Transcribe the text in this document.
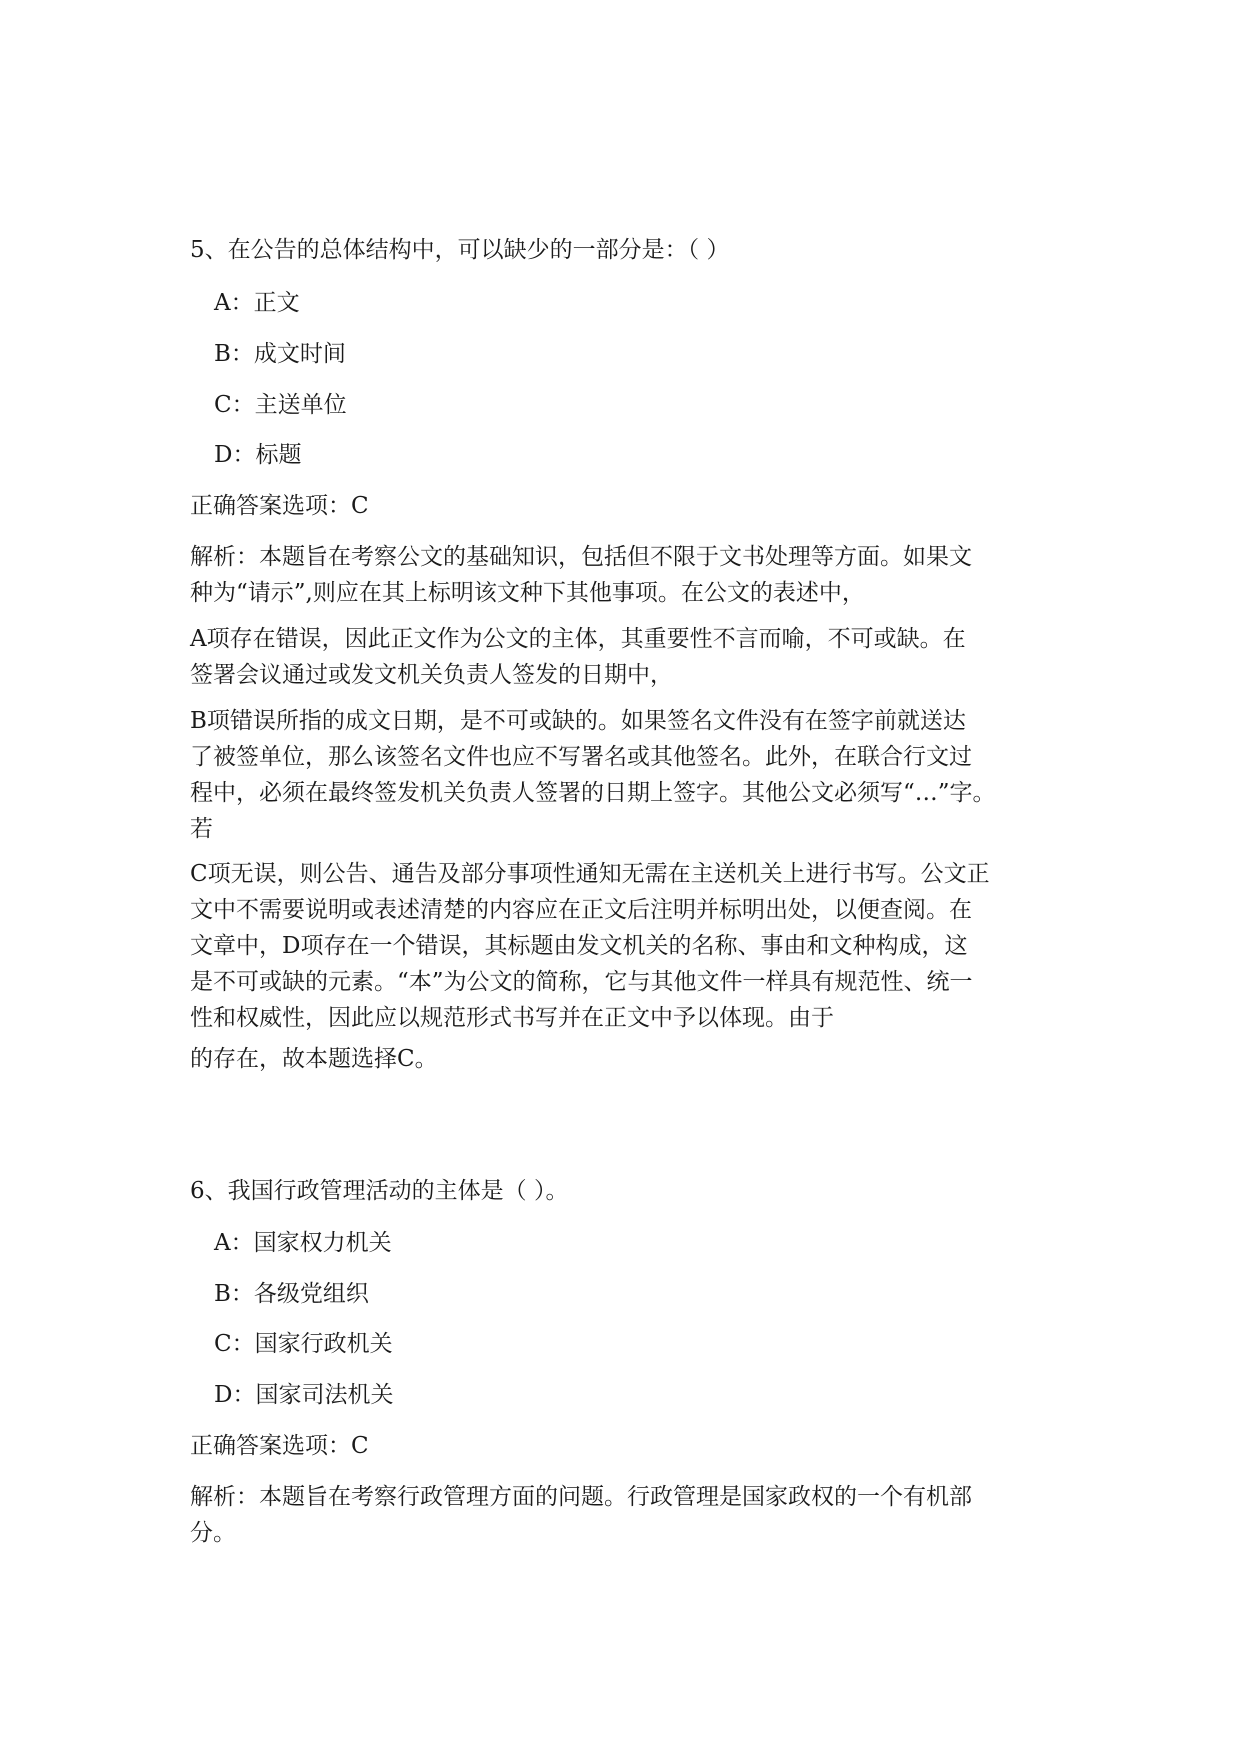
5、在公告的总体结构中，可以缺少的一部分是：（ ）

A：正文

B：成文时间

C：主送单位

D：标题

正确答案选项：C

解析：本题旨在考察公文的基础知识，包括但不限于文书处理等方面。如果文
种为“请示”,则应在其上标明该文种下其他事项。在公文的表述中，
A项存在错误，因此正文作为公文的主体，其重要性不言而喻，不可或缺。在
签署会议通过或发文机关负责人签发的日期中，
B项错误所指的成文日期，是不可或缺的。如果签名文件没有在签字前就送达
了被签单位，那么该签名文件也应不写署名或其他签名。此外，在联合行文过
程中，必须在最终签发机关负责人签署的日期上签字。其他公文必须写“…”字。
若
C项无误，则公告、通告及部分事项性通知无需在主送机关上进行书写。公文正
文中不需要说明或表述清楚的内容应在正文后注明并标明出处，以便查阅。在
文章中，D项存在一个错误，其标题由发文机关的名称、事由和文种构成，这
是不可或缺的元素。“本”为公文的简称，它与其他文件一样具有规范性、统一
性和权威性，因此应以规范形式书写并在正文中予以体现。由于
的存在，故本题选择C。

6、我国行政管理活动的主体是（ ）。

A：国家权力机关

B：各级党组织

C：国家行政机关

D：国家司法机关

正确答案选项：C

解析：本题旨在考察行政管理方面的问题。行政管理是国家政权的一个有机部
分。
